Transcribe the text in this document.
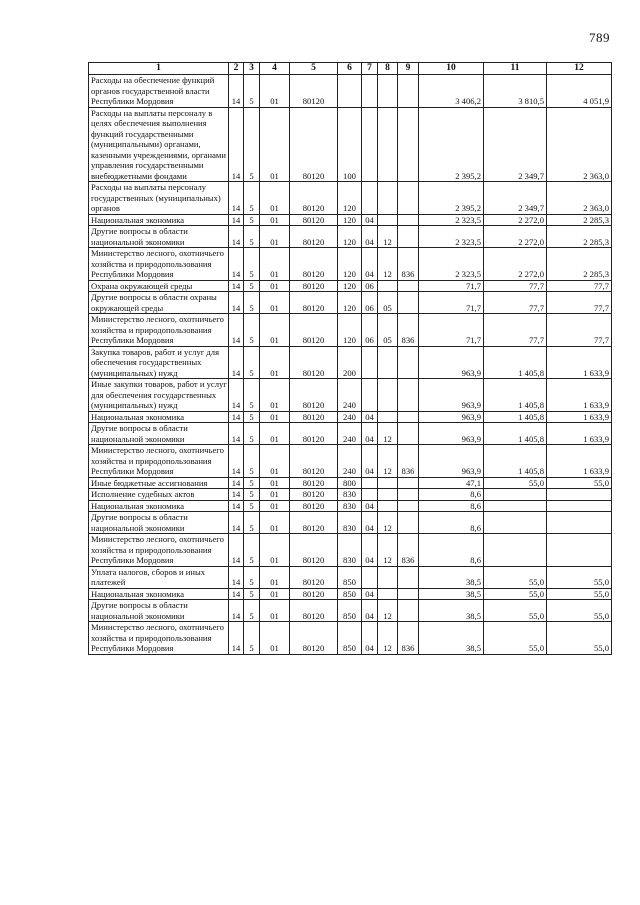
789
1	2	3	4	5	6	7	8	9	10	11	12
Расходы на обеспечение функций органов государственной власти Республики Мордовия	14	5	01	80120					3 406,2	3 810,5	4 051,9
Расходы на выплаты персоналу в целях обеспечения выполнения функций государственными (муниципальными) органами, казенными учреждениями, органами управления государственными внебюджетными фондами	14	5	01	80120	100				2 395,2	2 349,7	2 363,0
Расходы на выплаты персоналу государственных (муниципальных) органов	14	5	01	80120	120				2 395,2	2 349,7	2 363,0
Национальная экономика	14	5	01	80120	120	04			2 323,5	2 272,0	2 285,3
Другие вопросы в области национальной экономики	14	5	01	80120	120	04	12		2 323,5	2 272,0	2 285,3
Министерство лесного, охотничьего хозяйства и природопользования Республики Мордовия	14	5	01	80120	120	04	12	836	2 323,5	2 272,0	2 285,3
Охрана окружающей среды	14	5	01	80120	120	06			71,7	77,7	77,7
Другие вопросы в области охраны окружающей среды	14	5	01	80120	120	06	05		71,7	77,7	77,7
Министерство лесного, охотничьего хозяйства и природопользования Республики Мордовия	14	5	01	80120	120	06	05	836	71,7	77,7	77,7
Закупка товаров, работ и услуг для обеспечения государственных (муниципальных) нужд	14	5	01	80120	200				963,9	1 405,8	1 633,9
Иные закупки товаров, работ и услуг для обеспечения государственных (муниципальных) нужд	14	5	01	80120	240				963,9	1 405,8	1 633,9
Национальная экономика	14	5	01	80120	240	04			963,9	1 405,8	1 633,9
Другие вопросы в области национальной экономики	14	5	01	80120	240	04	12		963,9	1 405,8	1 633,9
Министерство лесного, охотничьего хозяйства и природопользования Республики Мордовия	14	5	01	80120	240	04	12	836	963,9	1 405,8	1 633,9
Иные бюджетные ассигнования	14	5	01	80120	800				47,1	55,0	55,0
Исполнение судебных актов	14	5	01	80120	830				8,6		
Национальная экономика	14	5	01	80120	830	04			8,6		
Другие вопросы в области национальной экономики	14	5	01	80120	830	04	12		8,6		
Министерство лесного, охотничьего хозяйства и природопользования Республики Мордовия	14	5	01	80120	830	04	12	836	8,6		
Уплата налогов, сборов и иных платежей	14	5	01	80120	850				38,5	55,0	55,0
Национальная экономика	14	5	01	80120	850	04			38,5	55,0	55,0
Другие вопросы в области национальной экономики	14	5	01	80120	850	04	12		38,5	55,0	55,0
Министерство лесного, охотничьего хозяйства и природопользования Республики Мордовия	14	5	01	80120	850	04	12	836	38,5	55,0	55,0
